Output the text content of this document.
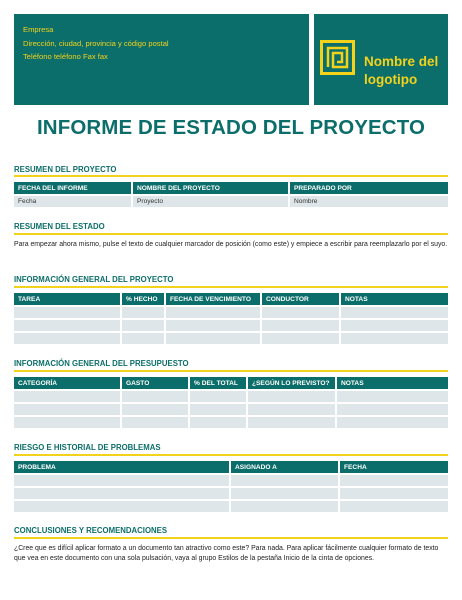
Empresa
Dirección, ciudad, provincia y código postal
Teléfono teléfono Fax fax	Nombre del
logotipo
INFORME DE ESTADO DEL PROYECTO
RESUMEN DEL PROYECTO
FECHA DEL INFORME	NOMBRE DEL PROYECTO	PREPARADO POR
Fecha	Proyecto	Nombre
RESUMEN DEL ESTADO
Para empezar ahora mismo, pulse el texto de cualquier marcador de posición (como este) y empiece a escribir para reemplazarlo por el suyo.
INFORMACIÓN GENERAL DEL PROYECTO
TAREA	% HECHO	FECHA DE VENCIMIENTO	CONDUCTOR	NOTAS

INFORMACIÓN GENERAL DEL PRESUPUESTO
CATEGORÍA	GASTO	% DEL TOTAL	¿SEGÚN LO PREVISTO?	NOTAS

RIESGO E HISTORIAL DE PROBLEMAS
PROBLEMA	ASIGNADO A	FECHA

CONCLUSIONES Y RECOMENDACIONES
¿Cree que es difícil aplicar formato a un documento tan atractivo como este? Para nada. Para aplicar fácilmente cualquier formato de texto que vea en este documento con una sola pulsación, vaya al grupo Estilos de la pestaña Inicio de la cinta de opciones.
